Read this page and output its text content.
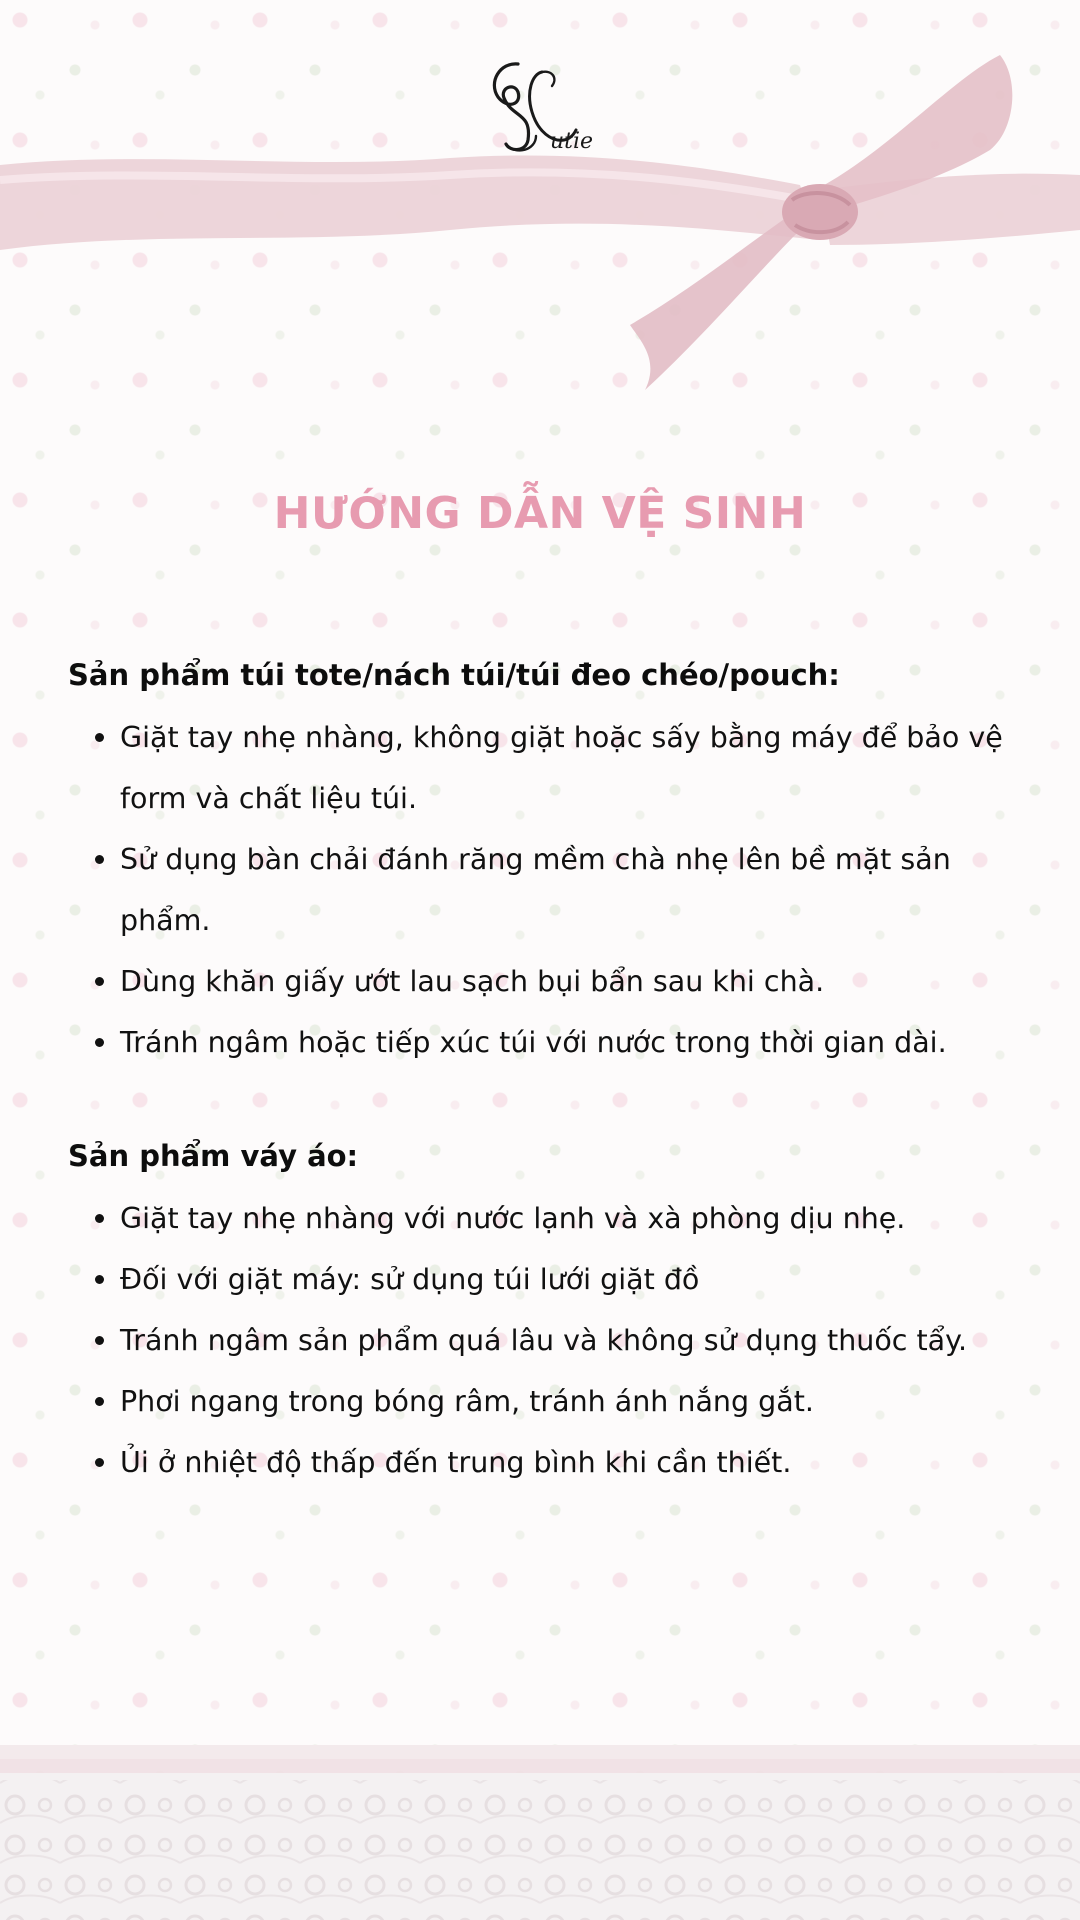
utie
HƯỚNG DẪN VỆ SINH

Sản phẩm túi tote/nách túi/túi đeo chéo/pouch:

Giặt tay nhẹ nhàng, không giặt hoặc sấy bằng máy để bảo vệ form và chất liệu túi.
Sử dụng bàn chải đánh răng mềm chà nhẹ lên bề mặt sản phẩm.
Dùng khăn giấy ướt lau sạch bụi bẩn sau khi chà.
Tránh ngâm hoặc tiếp xúc túi với nước trong thời gian dài.

Sản phẩm váy áo:

Giặt tay nhẹ nhàng với nước lạnh và xà phòng dịu nhẹ.
Đối với giặt máy: sử dụng túi lưới giặt đồ
Tránh ngâm sản phẩm quá lâu và không sử dụng thuốc tẩy.
Phơi ngang trong bóng râm, tránh ánh nắng gắt.
Ủi ở nhiệt độ thấp đến trung bình khi cần thiết.
